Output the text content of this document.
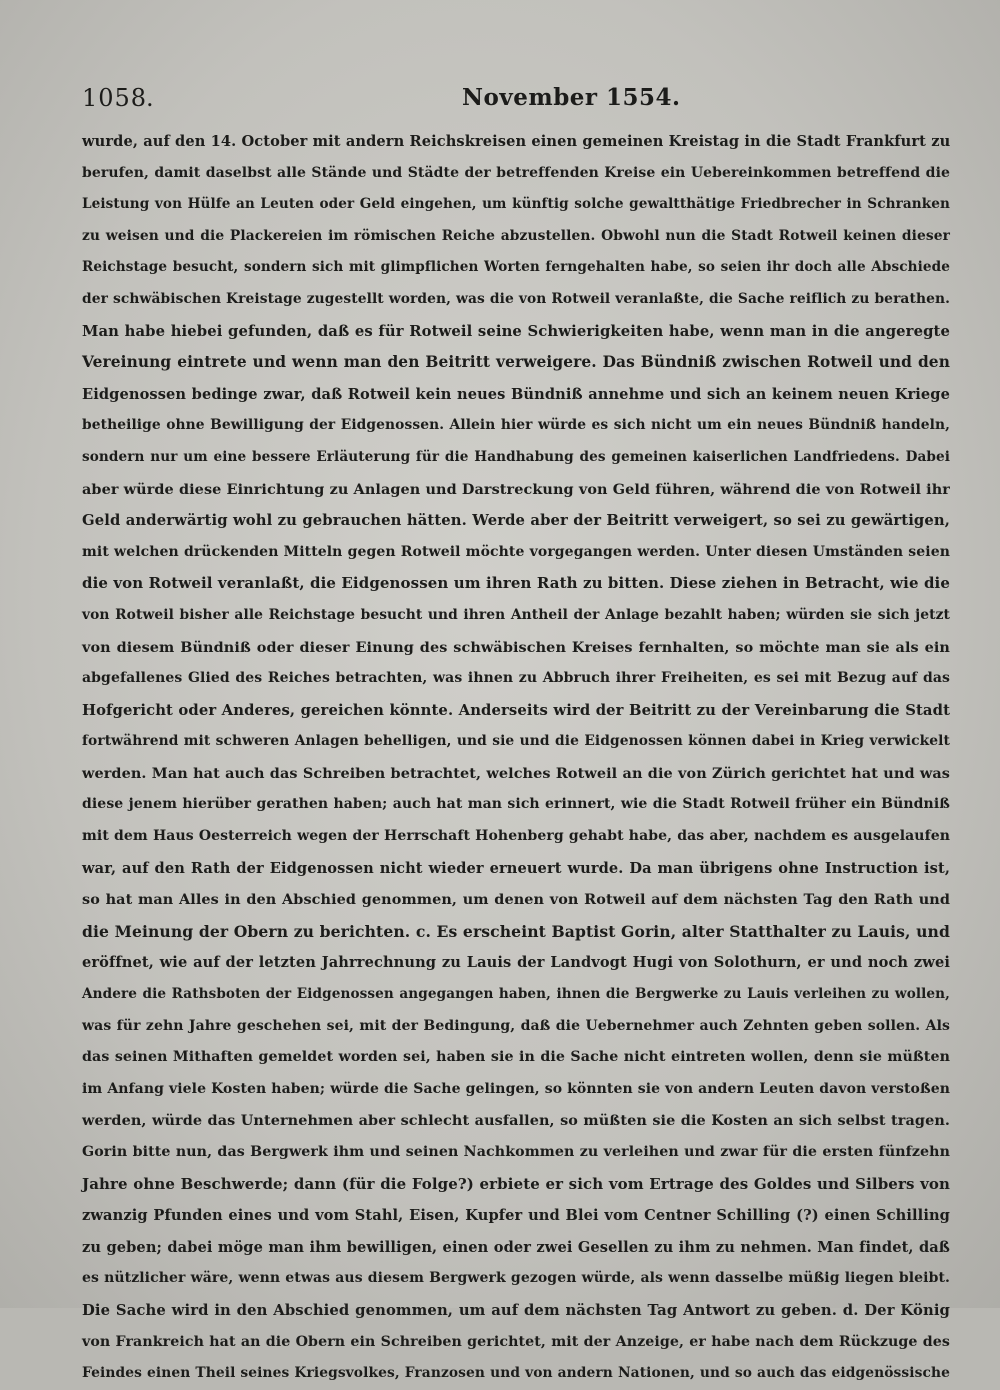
1058
.	November 1554.
wurde, auf den 14. October mit andern Reichskreisen einen gemeinen Kreistag in die Stadt Frankfurt zu
berufen, damit daselbst alle Stände und Städte der betreffenden Kreise ein Uebereinkommen betreffend die
Leistung von Hülfe an Leuten oder Geld eingehen, um künftig solche gewaltthätige Friedbrecher in Schranken
zu weisen und die Plackereien im römischen Reiche abzustellen. Obwohl nun die Stadt Rotweil keinen dieser
Reichstage besucht, sondern sich mit glimpflichen Worten ferngehalten habe, so seien ihr doch alle Abschiede
der schwäbischen Kreistage zugestellt worden, was die von Rotweil veranlaßte, die Sache reiflich zu berathen.
Man habe hiebei gefunden, daß es für Rotweil seine Schwierigkeiten habe, wenn man in die angeregte
Vereinung eintrete und wenn man den Beitritt verweigere. Das Bündniß zwischen Rotweil und den
Eidgenossen bedinge zwar, daß Rotweil kein neues Bündniß annehme und sich an keinem neuen Kriege
betheilige ohne Bewilligung der Eidgenossen. Allein hier würde es sich nicht um ein neues Bündniß handeln,
sondern nur um eine bessere Erläuterung für die Handhabung des gemeinen kaiserlichen Landfriedens. Dabei
aber würde diese Einrichtung zu Anlagen und Darstreckung von Geld führen, während die von Rotweil ihr
Geld anderwärtig wohl zu gebrauchen hätten. Werde aber der Beitritt verweigert, so sei zu gewärtigen,
mit welchen drückenden Mitteln gegen Rotweil möchte vorgegangen werden. Unter diesen Umständen seien
die von Rotweil veranlaßt, die Eidgenossen um ihren Rath zu bitten. Diese ziehen in Betracht, wie die
von Rotweil bisher alle Reichstage besucht und ihren Antheil der Anlage bezahlt haben; würden sie sich jetzt
von diesem Bündniß oder dieser Einung des schwäbischen Kreises fernhalten, so möchte man sie als ein
abgefallenes Glied des Reiches betrachten, was ihnen zu Abbruch ihrer Freiheiten, es sei mit Bezug auf das
Hofgericht oder Anderes, gereichen könnte. Anderseits wird der Beitritt zu der Vereinbarung die Stadt
fortwährend mit schweren Anlagen behelligen, und sie und die Eidgenossen können dabei in Krieg verwickelt
werden. Man hat auch das Schreiben betrachtet, welches Rotweil an die von Zürich gerichtet hat und was
diese jenem hierüber gerathen haben; auch hat man sich erinnert, wie die Stadt Rotweil früher ein Bündniß
mit dem Haus Oesterreich wegen der Herrschaft Hohenberg gehabt habe, das aber, nachdem es ausgelaufen
war, auf den Rath der Eidgenossen nicht wieder erneuert wurde. Da man übrigens ohne Instruction ist,
so hat man Alles in den Abschied genommen, um denen von Rotweil auf dem nächsten Tag den Rath und
die Meinung der Obern zu berichten. c. Es erscheint Baptist Gorin, alter Statthalter zu Lauis, und
eröffnet, wie auf der letzten Jahrrechnung zu Lauis der Landvogt Hugi von Solothurn, er und noch zwei
Andere die Rathsboten der Eidgenossen angegangen haben, ihnen die Bergwerke zu Lauis verleihen zu wollen,
was für zehn Jahre geschehen sei, mit der Bedingung, daß die Uebernehmer auch Zehnten geben sollen. Als
das seinen Mithaften gemeldet worden sei, haben sie in die Sache nicht eintreten wollen, denn sie müßten
im Anfang viele Kosten haben; würde die Sache gelingen, so könnten sie von andern Leuten davon verstoßen
werden, würde das Unternehmen aber schlecht ausfallen, so müßten sie die Kosten an sich selbst tragen.
Gorin bitte nun, das Bergwerk ihm und seinen Nachkommen zu verleihen und zwar für die ersten fünfzehn
Jahre ohne Beschwerde; dann (für die Folge?) erbiete er sich vom Ertrage des Goldes und Silbers von
zwanzig Pfunden eines und vom Stahl, Eisen, Kupfer und Blei vom Centner Schilling (?) einen Schilling
zu geben; dabei möge man ihm bewilligen, einen oder zwei Gesellen zu ihm zu nehmen. Man findet, daß
es nützlicher wäre, wenn etwas aus diesem Bergwerk gezogen würde, als wenn dasselbe müßig liegen bleibt.
Die Sache wird in den Abschied genommen, um auf dem nächsten Tag Antwort zu geben. d. Der König
von Frankreich hat an die Obern ein Schreiben gerichtet, mit der Anzeige, er habe nach dem Rückzuge des
Feindes einen Theil seines Kriegsvolkes, Franzosen und von andern Nationen, und so auch das eidgenössische
